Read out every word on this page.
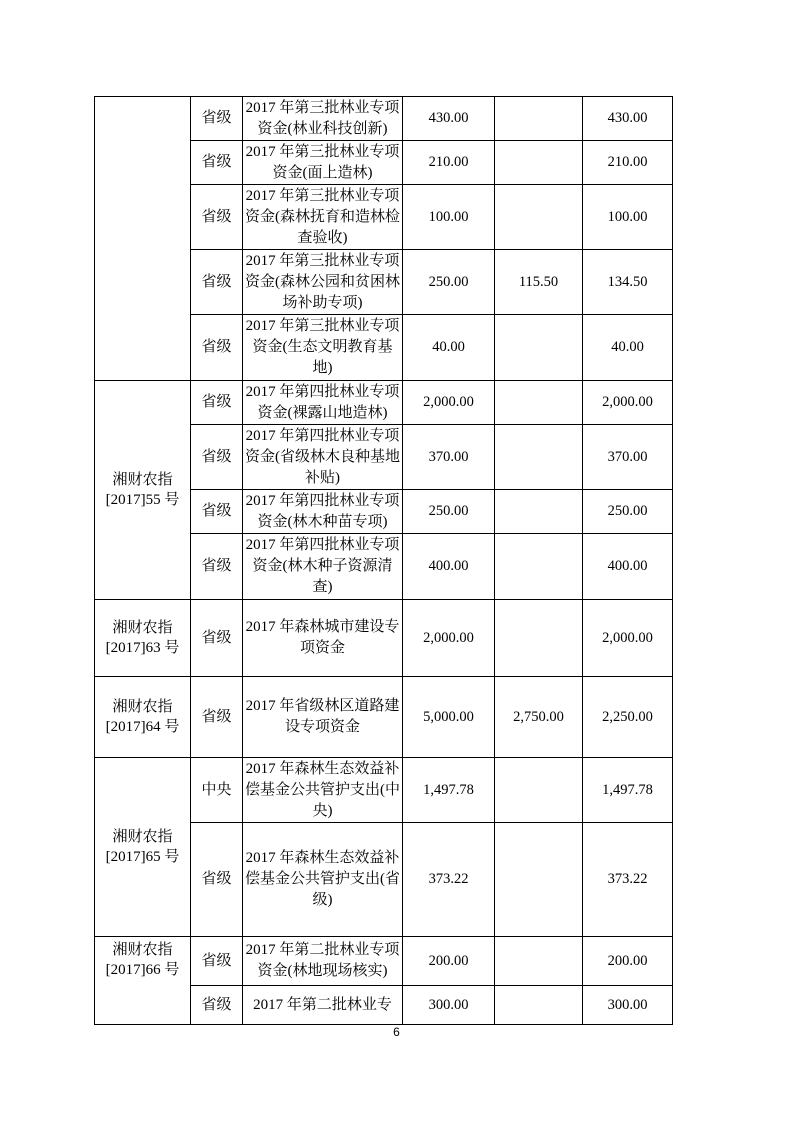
	省级	2017 年第三批林业专项资金(林业科技创新)	430.00		430.00
	省级	2017 年第三批林业专项资金(面上造林)	210.00		210.00
	省级	2017 年第三批林业专项资金(森林抚育和造林检查验收)	100.00		100.00
	省级	2017 年第三批林业专项资金(森林公园和贫困林场补助专项)	250.00	115.50	134.50
	省级	2017 年第三批林业专项资金(生态文明教育基地)	40.00		40.00
湘财农指[2017]55 号	省级	2017 年第四批林业专项资金(裸露山地造林)	2,000.00		2,000.00
	省级	2017 年第四批林业专项资金(省级林木良种基地补贴)	370.00		370.00
	省级	2017 年第四批林业专项资金(林木种苗专项)	250.00		250.00
	省级	2017 年第四批林业专项资金(林木种子资源清查)	400.00		400.00
湘财农指[2017]63 号	省级	2017 年森林城市建设专项资金	2,000.00		2,000.00
湘财农指[2017]64 号	省级	2017 年省级林区道路建设专项资金	5,000.00	2,750.00	2,250.00
湘财农指[2017]65 号	中央	2017 年森林生态效益补偿基金公共管护支出(中央)	1,497.78		1,497.78
	省级	2017 年森林生态效益补偿基金公共管护支出(省级)	373.22		373.22
湘财农指[2017]66 号	省级	2017 年第二批林业专项资金(林地现场核实)	200.00		200.00
	省级	2017 年第二批林业专	300.00		300.00
6
